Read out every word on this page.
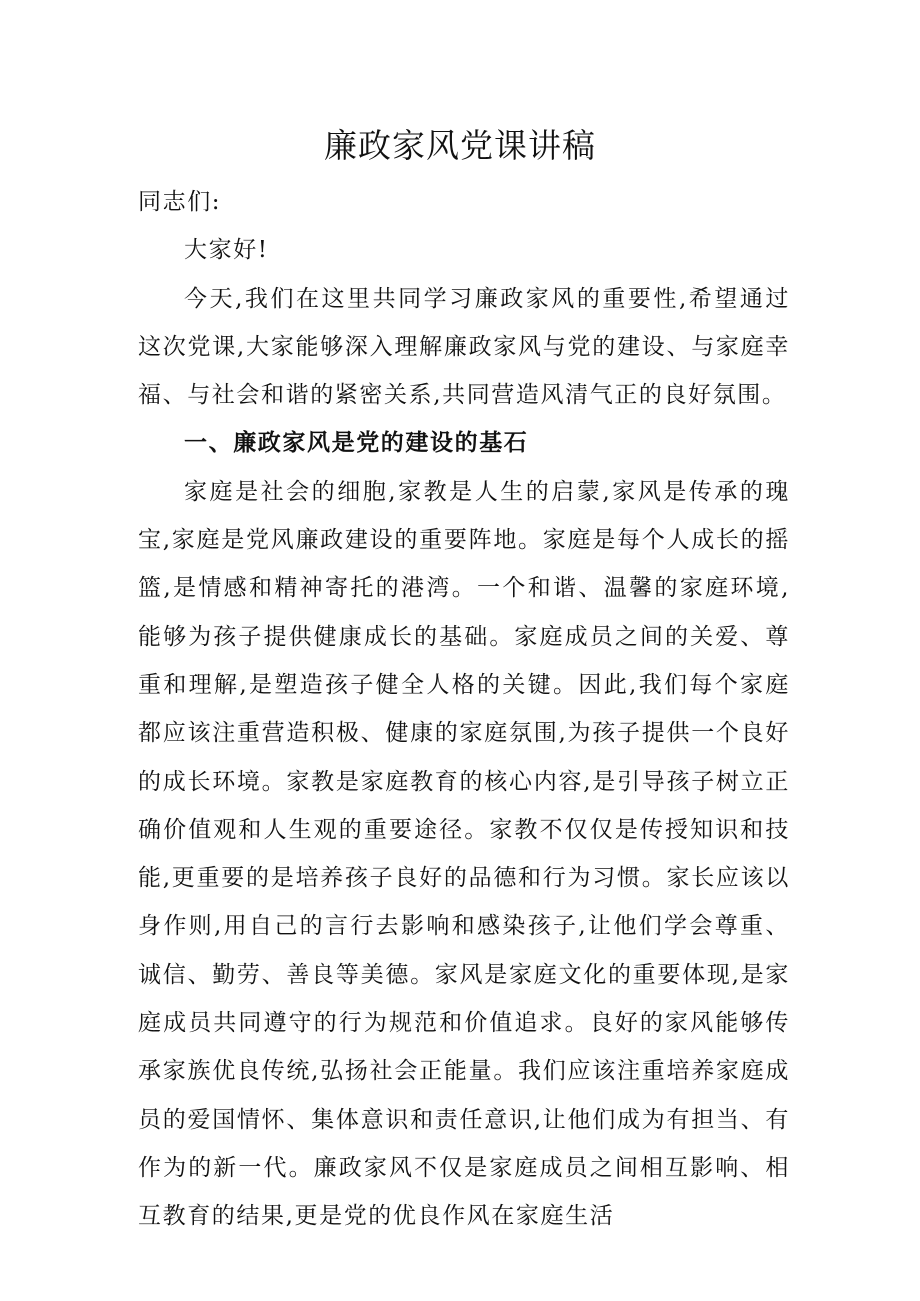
廉政家风党课讲稿

同志们:

大家好!

今天,我们在这里共同学习廉政家风的重要性,希望通过这次党课,大家能够深入理解廉政家风与党的建设、与家庭幸福、与社会和谐的紧密关系,共同营造风清气正的良好氛围。

一、廉政家风是党的建设的基石

家庭是社会的细胞,家教是人生的启蒙,家风是传承的瑰宝,家庭是党风廉政建设的重要阵地。家庭是每个人成长的摇篮,是情感和精神寄托的港湾。一个和谐、温馨的家庭环境,能够为孩子提供健康成长的基础。家庭成员之间的关爱、尊重和理解,是塑造孩子健全人格的关键。因此,我们每个家庭都应该注重营造积极、健康的家庭氛围,为孩子提供一个良好的成长环境。家教是家庭教育的核心内容,是引导孩子树立正确价值观和人生观的重要途径。家教不仅仅是传授知识和技能,更重要的是培养孩子良好的品德和行为习惯。家长应该以身作则,用自己的言行去影响和感染孩子,让他们学会尊重、诚信、勤劳、善良等美德。家风是家庭文化的重要体现,是家庭成员共同遵守的行为规范和价值追求。良好的家风能够传承家族优良传统,弘扬社会正能量。我们应该注重培养家庭成员的爱国情怀、集体意识和责任意识,让他们成为有担当、有作为的新一代。廉政家风不仅是家庭成员之间相互影响、相互教育的结果,更是党的优良作风在家庭生活
